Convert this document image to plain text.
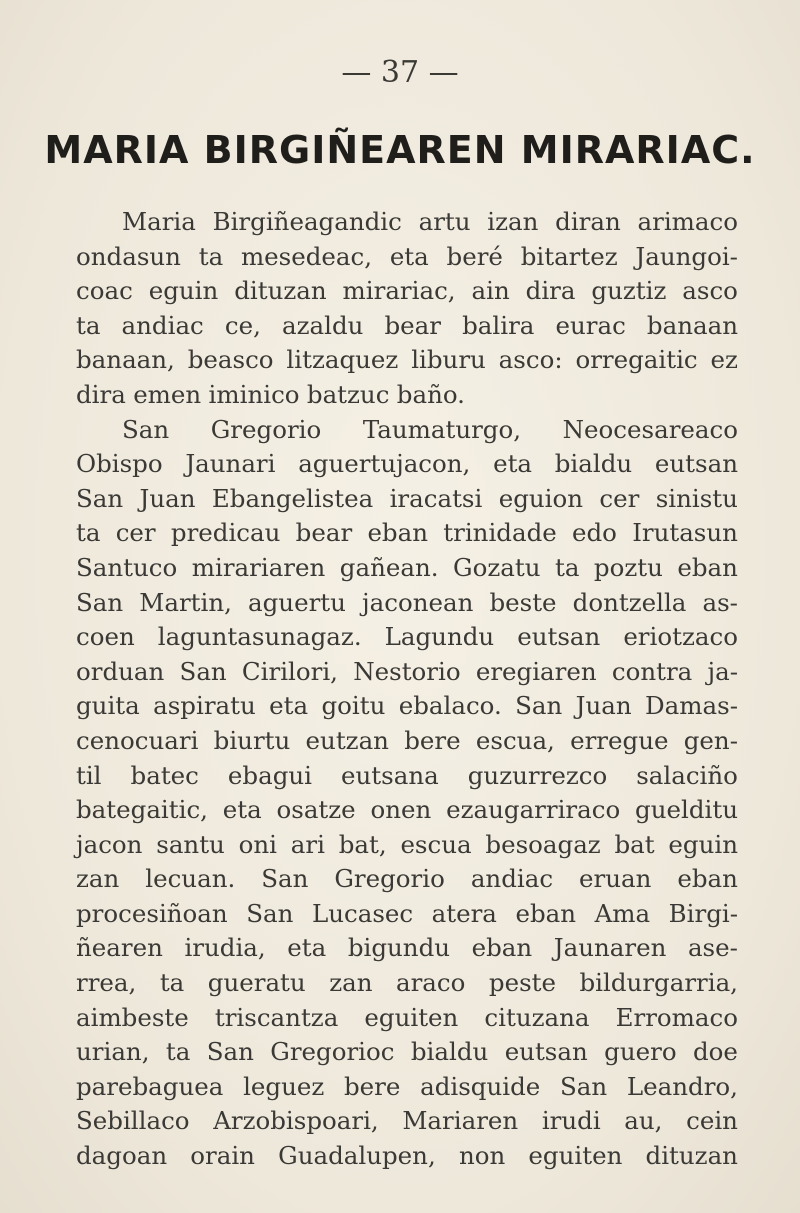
— 37 —
MARIA BIRGIÑEAREN MIRARIAC.
Maria Birgiñeagandic artu izan diran arimaco
ondasun ta mesedeac, eta beré bitartez Jaungoi-
coac eguin dituzan mirariac, ain dira guztiz asco
ta andiac ce, azaldu bear balira eurac banaan
banaan, beasco litzaquez liburu asco: orregaitic ez
dira emen iminico batzuc baño.
San Gregorio Taumaturgo, Neocesareaco
Obispo Jaunari aguertujacon, eta bialdu eutsan
San Juan Ebangelistea iracatsi eguion cer sinistu
ta cer predicau bear eban trinidade edo Irutasun
Santuco mirariaren gañean. Gozatu ta poztu eban
San Martin, aguertu jaconean beste dontzella as-
coen laguntasunagaz. Lagundu eutsan eriotzaco
orduan San Cirilori, Nestorio eregiaren contra ja-
guita aspiratu eta goitu ebalaco. San Juan Damas-
cenocuari biurtu eutzan bere escua, erregue gen-
til batec ebagui eutsana guzurrezco salaciño
bategaitic, eta osatze onen ezaugarriraco guelditu
jacon santu oni ari bat, escua besoagaz bat eguin
zan lecuan. San Gregorio andiac eruan eban
procesiñoan San Lucasec atera eban Ama Birgi-
ñearen irudia, eta bigundu eban Jaunaren ase-
rrea, ta gueratu zan araco peste bildurgarria,
aimbeste triscantza eguiten cituzana Erromaco
urian, ta San Gregorioc bialdu eutsan guero doe
parebaguea leguez bere adisquide San Leandro,
Sebillaco Arzobispoari, Mariaren irudi au, cein
dagoan orain Guadalupen, non eguiten dituzan
